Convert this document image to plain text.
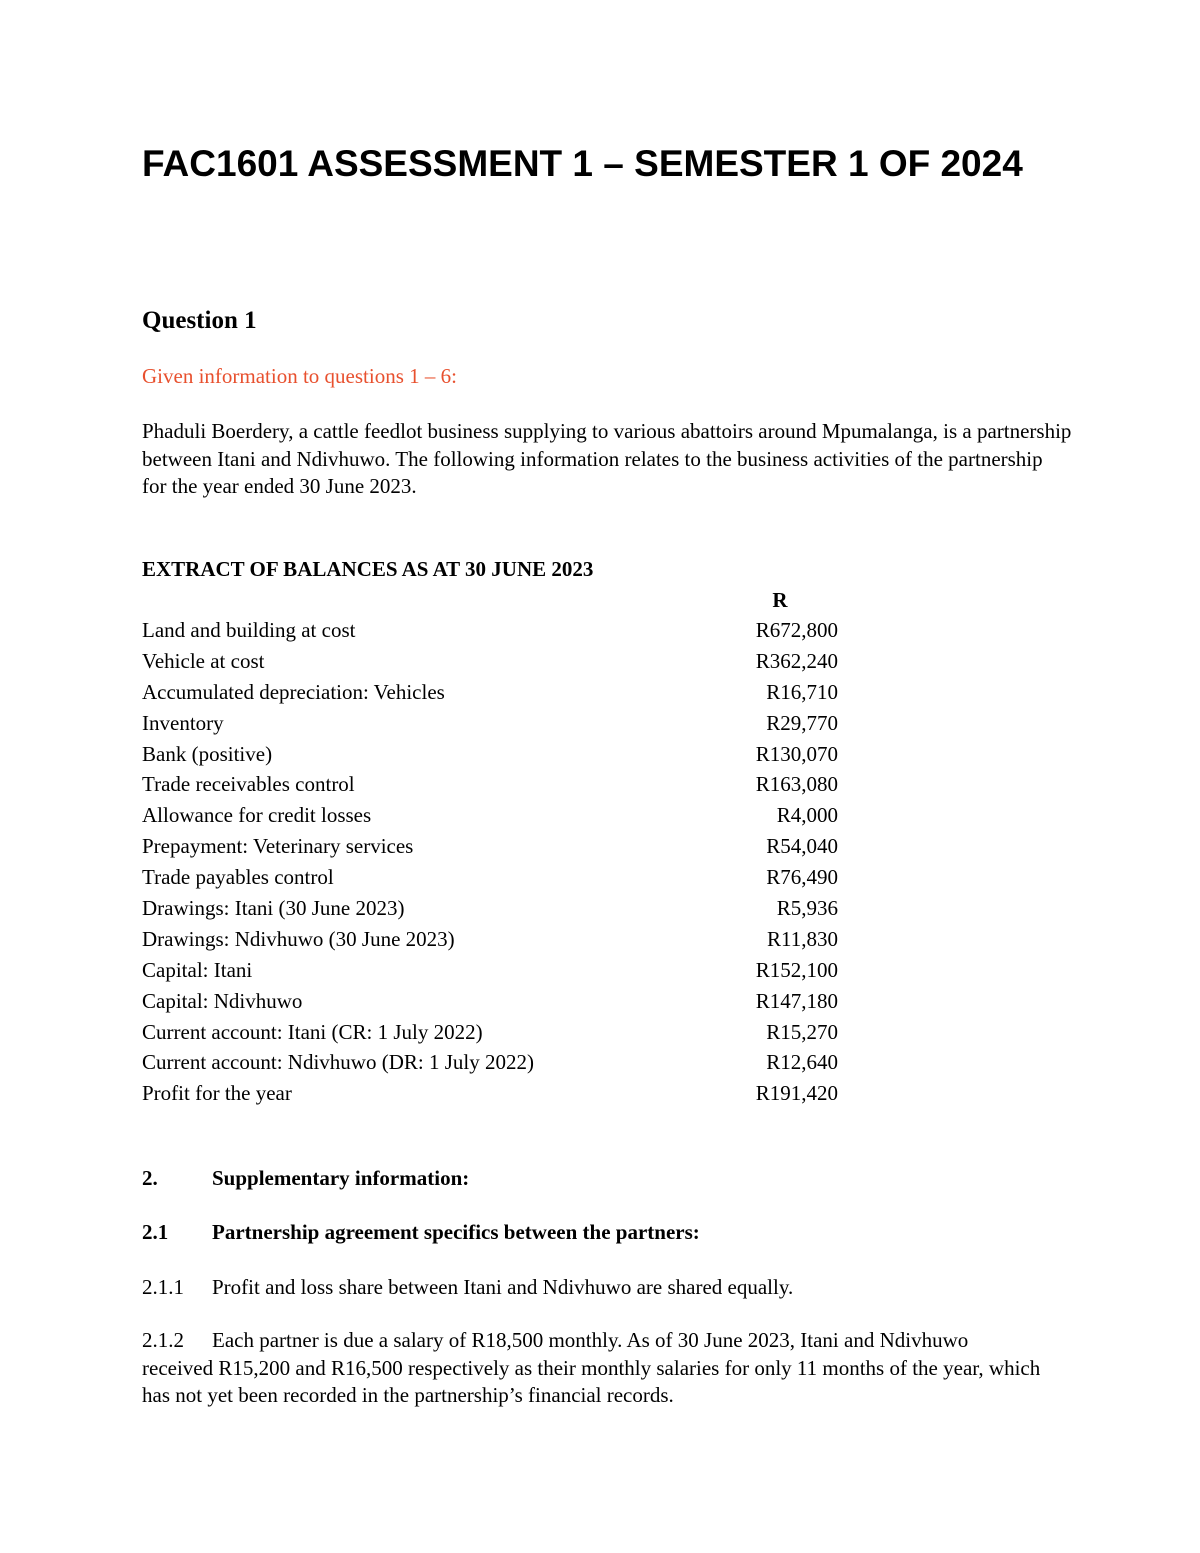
FAC1601 ASSESSMENT 1 – SEMESTER 1 OF 2024
Question 1

Given information to questions 1 – 6:

Phaduli Boerdery, a cattle feedlot business supplying to various abattoirs around Mpumalanga, is a partnership between Itani and Ndivhuwo. The following information relates to the business activities of the partnership for the year ended 30 June 2023.

EXTRACT OF BALANCES AS AT 30 JUNE 2023

R

Land and building at cost	R672,800
Vehicle at cost	R362,240
Accumulated depreciation: Vehicles	R16,710
Inventory	R29,770
Bank (positive)	R130,070
Trade receivables control	R163,080
Allowance for credit losses	R4,000
Prepayment: Veterinary services	R54,040
Trade payables control	R76,490
Drawings: Itani (30 June 2023)	R5,936
Drawings: Ndivhuwo (30 June 2023)	R11,830
Capital: Itani	R152,100
Capital: Ndivhuwo	R147,180
Current account: Itani (CR: 1 July 2022)	R15,270
Current account: Ndivhuwo (DR: 1 July 2022)	R12,640
Profit for the year	R191,420

2.	Supplementary information:

2.1 Partnership agreement specifics between the partners:

2.1.1 Profit and loss share between Itani and Ndivhuwo are shared equally.

2.1.2 Each partner is due a salary of R18,500 monthly. As of 30 June 2023, Itani and Ndivhuwo received R15,200 and R16,500 respectively as their monthly salaries for only 11 months of the year, which has not yet been recorded in the partnership’s financial records.
